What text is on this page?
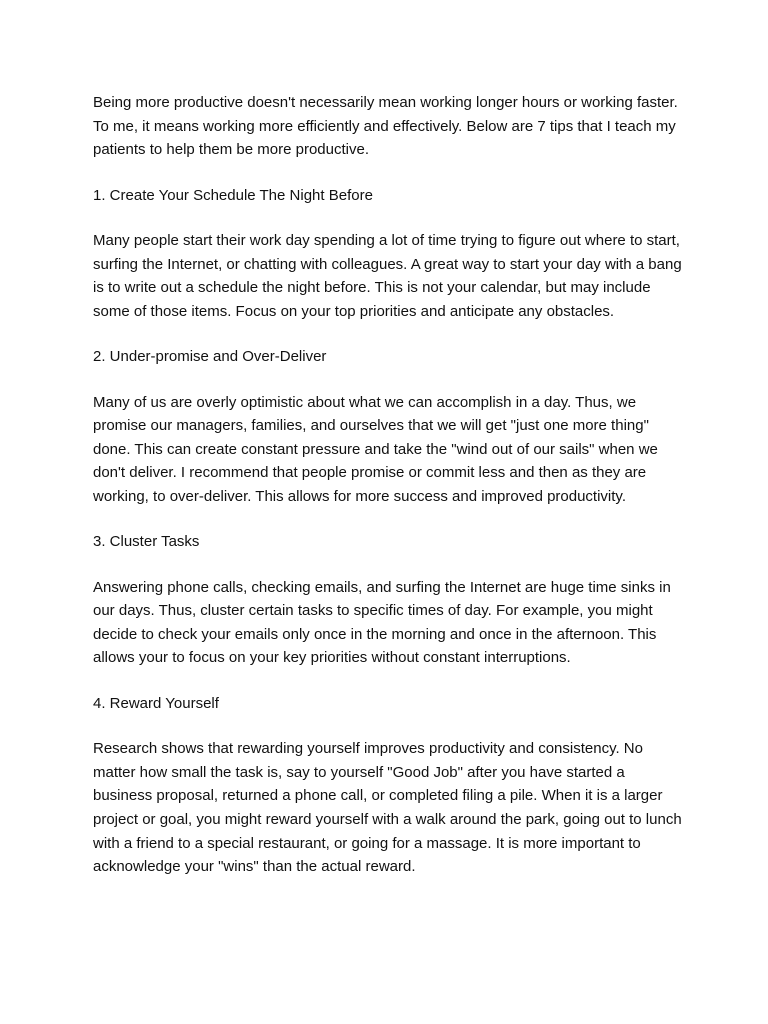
Being more productive doesn't necessarily mean working longer hours or working faster. To me, it means working more efficiently and effectively. Below are 7 tips that I teach my patients to help them be more productive.

1. Create Your Schedule The Night Before

Many people start their work day spending a lot of time trying to figure out where to start, surfing the Internet, or chatting with colleagues. A great way to start your day with a bang is to write out a schedule the night before. This is not your calendar, but may include some of those items. Focus on your top priorities and anticipate any obstacles.

2. Under-promise and Over-Deliver

Many of us are overly optimistic about what we can accomplish in a day. Thus, we promise our managers, families, and ourselves that we will get "just one more thing" done. This can create constant pressure and take the "wind out of our sails" when we don't deliver. I recommend that people promise or commit less and then as they are working, to over-deliver. This allows for more success and improved productivity.

3. Cluster Tasks

Answering phone calls, checking emails, and surfing the Internet are huge time sinks in our days. Thus, cluster certain tasks to specific times of day. For example, you might decide to check your emails only once in the morning and once in the afternoon. This allows your to focus on your key priorities without constant interruptions.

4. Reward Yourself

Research shows that rewarding yourself improves productivity and consistency. No matter how small the task is, say to yourself "Good Job" after you have started a business proposal, returned a phone call, or completed filing a pile. When it is a larger project or goal, you might reward yourself with a walk around the park, going out to lunch with a friend to a special restaurant, or going for a massage. It is more important to acknowledge your "wins" than the actual reward.
